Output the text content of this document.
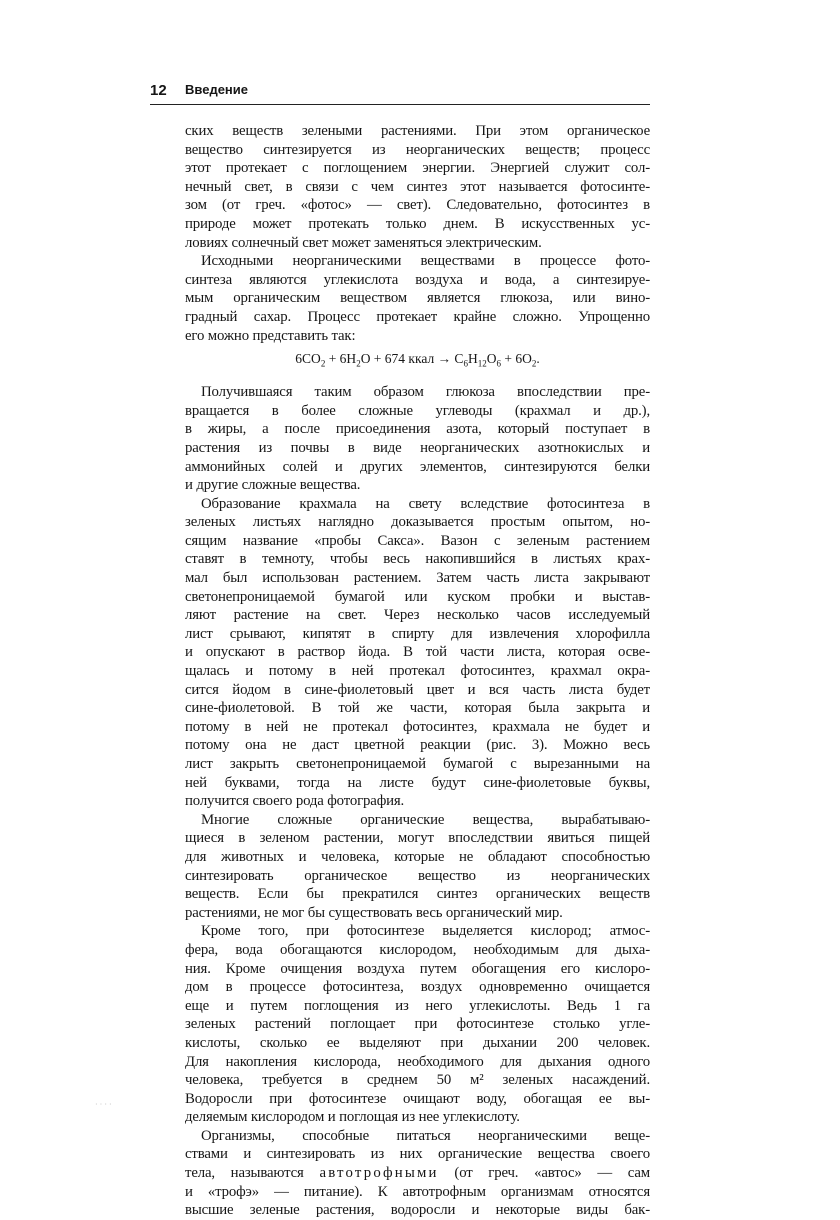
12 Введение
ских веществ зелеными растениями. При этом органическое
вещество синтезируется из неорганических веществ; процесс
этот протекает с поглощением энергии. Энергией служит сол-
нечный свет, в связи с чем синтез этот называется фотосинте-
зом (от греч. «фотос» — свет). Следовательно, фотосинтез в
природе может протекать только днем. В искусственных ус-
ловиях солнечный свет может заменяться электрическим.
Исходными неорганическими веществами в процессе фото-
синтеза являются углекислота воздуха и вода, а синтезируе-
мым органическим веществом является глюкоза, или вино-
градный сахар. Процесс протекает крайне сложно. Упрощенно
его можно представить так:
$6CO_2 + 6H_2O + 674$ ккал → $C_6H_{12}O_6 + 6O_2$.
Получившаяся таким образом глюкоза впоследствии пре-
вращается в более сложные углеводы (крахмал и др.),
в жиры, а после присоединения азота, который поступает в
растения из почвы в виде неорганических азотнокислых и
аммонийных солей и других элементов, синтезируются белки
и другие сложные вещества.
Образование крахмала на свету вследствие фотосинтеза в
зеленых листьях наглядно доказывается простым опытом, но-
сящим название «пробы Сакса». Вазон с зеленым растением
ставят в темноту, чтобы весь накопившийся в листьях крах-
мал был использован растением. Затем часть листа закрывают
светонепроницаемой бумагой или куском пробки и выстав-
ляют растение на свет. Через несколько часов исследуемый
лист срывают, кипятят в спирту для извлечения хлорофилла
и опускают в раствор йода. В той части листа, которая осве-
щалась и потому в ней протекал фотосинтез, крахмал окра-
сится йодом в сине-фиолетовый цвет и вся часть листа будет
сине-фиолетовой. В той же части, которая была закрыта и
потому в ней не протекал фотосинтез, крахмала не будет и
потому она не даст цветной реакции (рис. 3). Можно весь
лист закрыть светонепроницаемой бумагой с вырезанными на
ней буквами, тогда на листе будут сине-фиолетовые буквы,
получится своего рода фотография.
Многие сложные органические вещества, вырабатываю-
щиеся в зеленом растении, могут впоследствии явиться пищей
для животных и человека, которые не обладают способностью
синтезировать органическое вещество из неорганических
веществ. Если бы прекратился синтез органических веществ
растениями, не мог бы существовать весь органический мир.
Кроме того, при фотосинтезе выделяется кислород; атмос-
фера, вода обогащаются кислородом, необходимым для дыха-
ния. Кроме очищения воздуха путем обогащения его кислоро-
дом в процессе фотосинтеза, воздух одновременно очищается
еще и путем поглощения из него углекислоты. Ведь 1 га
зеленых растений поглощает при фотосинтезе столько угле-
кислоты, сколько ее выделяют при дыхании 200 человек.
Для накопления кислорода, необходимого для дыхания одного
человека, требуется в среднем 50 м² зеленых насаждений.
Водоросли при фотосинтезе очищают воду, обогащая ее вы-
деляемым кислородом и поглощая из нее углекислоту.
Организмы, способные питаться неорганическими веще-
ствами и синтезировать из них органические вещества своего
тела, называются автотрофными (от греч. «автос» — сам
и «трофэ» — питание). К автотрофным организмам относятся
высшие зеленые растения, водоросли и некоторые виды бак-
· · · ·
